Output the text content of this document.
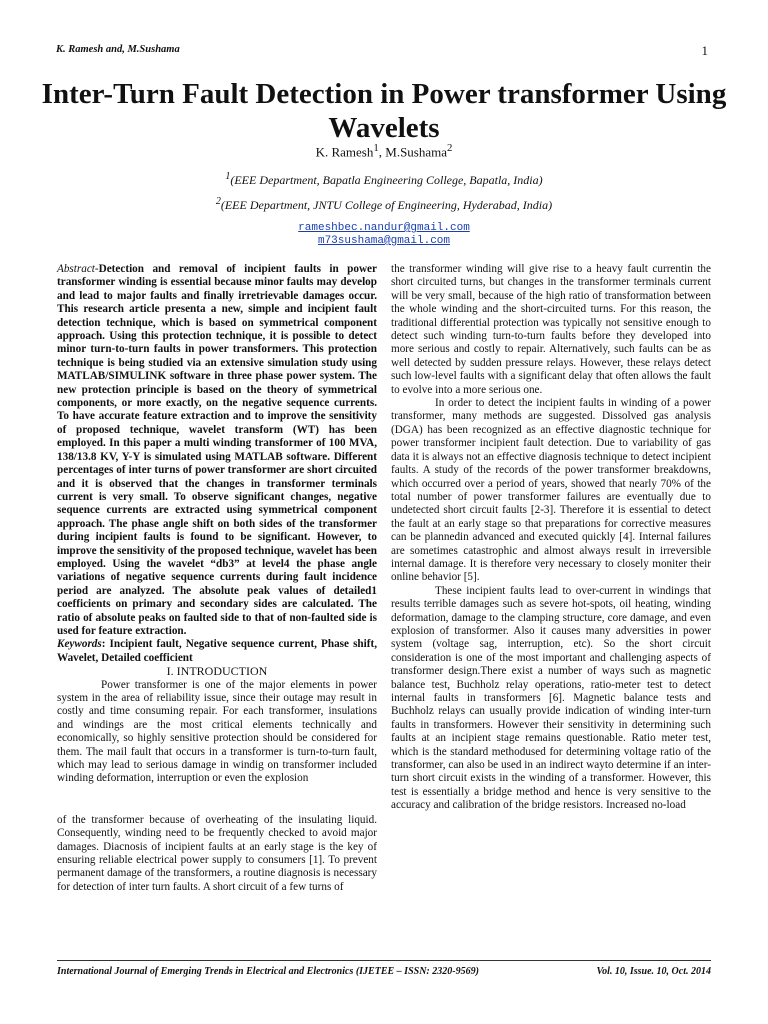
K. Ramesh and, M.Sushama	1
Inter-Turn Fault Detection in Power transformer Using Wavelets
K. Ramesh$^1$, M.Sushama$^2$
$^1$(EEE Department, Bapatla Engineering College, Bapatla, India)
$^2$(EEE Department, JNTU College of Engineering, Hyderabad, India)
rameshbec.nandur@gmail.com
m73sushama@gmail.com

Abstract-Detection and removal of incipient faults in power transformer winding is essential because minor faults may develop and lead to major faults and finally irretrievable damages occur. This research article presenta a new, simple and incipient fault detection technique, which is based on symmetrical component approach. Using this protection technique, it is possible to detect minor turn-to-turn faults in power transformers. This protection technique is being studied via an extensive simulation study using MATLAB/SIMULINK software in three phase power system. The new protection principle is based on the theory of symmetrical components, or more exactly, on the negative sequence currents. To have accurate feature extraction and to improve the sensitivity of proposed technique, wavelet transform (WT) has been employed. In this paper a multi winding transformer of 100 MVA, 138/13.8 KV, Y-Y is simulated using MATLAB software. Different percentages of inter turns of power transformer are short circuited and it is observed that the changes in transformer terminals current is very small. To observe significant changes, negative sequence currents are extracted using symmetrical component approach. The phase angle shift on both sides of the transformer during incipient faults is found to be significant. However, to improve the sensitivity of the proposed technique, wavelet has been employed. Using the wavelet “db3” at level4 the phase angle variations of negative sequence currents during fault incidence period are analyzed. The absolute peak values of detailed1 coefficients on primary and secondary sides are calculated. The ratio of absolute peaks on faulted side to that of non-faulted side is used for feature extraction.

Keywords: Incipient fault, Negative sequence current, Phase shift, Wavelet, Detailed coefficient

I. INTRODUCTION

Power transformer is one of the major elements in power system in the area of reliability issue, since their outage may result in costly and time consuming repair. For each transformer, insulations and windings are the most critical elements technically and economically, so highly sensitive protection should be considered for them. The mail fault that occurs in a transformer is turn-to-turn fault, which may lead to serious damage in windig on transformer included winding deformation, interruption or even the explosion

of the transformer because of overheating of the insulating liquid. Consequently, winding need to be frequently checked to avoid major damages. Diacnosis of incipient faults at an early stage is the key of ensuring reliable electrical power supply to consumers [1]. To prevent permanent damage of the transformers, a routine diagnosis is necessary for detection of inter turn faults. A short circuit of a few turns of

the transformer winding will give rise to a heavy fault currentin the short circuited turns, but changes in the transformer terminals current will be very small, because of the high ratio of transformation between the whole winding and the short-circuited turns. For this reason, the traditional differential protection was typically not sensitive enough to detect such winding turn-to-turn faults before they developed into more serious and costly to repair. Alternatively, such faults can be as well detected by sudden pressure relays. However, these relays detect such low-level faults with a significant delay that often allows the fault to evolve into a more serious one.

In order to detect the incipient faults in winding of a power transformer, many methods are suggested. Dissolved gas analysis (DGA) has been recognized as an effective diagnostic technique for power transformer incipient fault detection. Due to variability of gas data it is always not an effective diagnosis technique to detect incipient faults. A study of the records of the power transformer breakdowns, which occurred over a period of years, showed that nearly 70% of the total number of power transformer failures are eventually due to undetected short circuit faults [2-3]. Therefore it is essential to detect the fault at an early stage so that preparations for corrective measures can be plannedin advanced and executed quickly [4]. Internal failures are sometimes catastrophic and almost always result in irreversible internal damage. It is therefore very necessary to closely moniter their online behavior [5].

These incipient faults lead to over-current in windings that results terrible damages such as severe hot-spots, oil heating, winding deformation, damage to the clamping structure, core damage, and even explosion of transformer. Also it causes many adversities in power system (voltage sag, interruption, etc). So the short circuit consideration is one of the most important and challenging aspects of transformer design.There exist a number of ways such as magnetic balance test, Buchholz relay operations, ratio-meter test to detect internal faults in transformers [6]. Magnetic balance tests and Buchholz relays can usually provide indication of winding inter-turn faults in transformers. However their sensitivity in determining such faults at an incipient stage remains questionable. Ratio meter test, which is the standard methodused for determining voltage ratio of the transformer, can also be used in an indirect wayto determine if an inter-turn short circuit exists in the winding of a transformer. However, this test is essentially a bridge method and hence is very sensitive to the accuracy and calibration of the bridge resistors. Increased no-load

International Journal of Emerging Trends in Electrical and Electronics (IJETEE – ISSN: 2320-9569)	Vol. 10, Issue. 10, Oct. 2014
